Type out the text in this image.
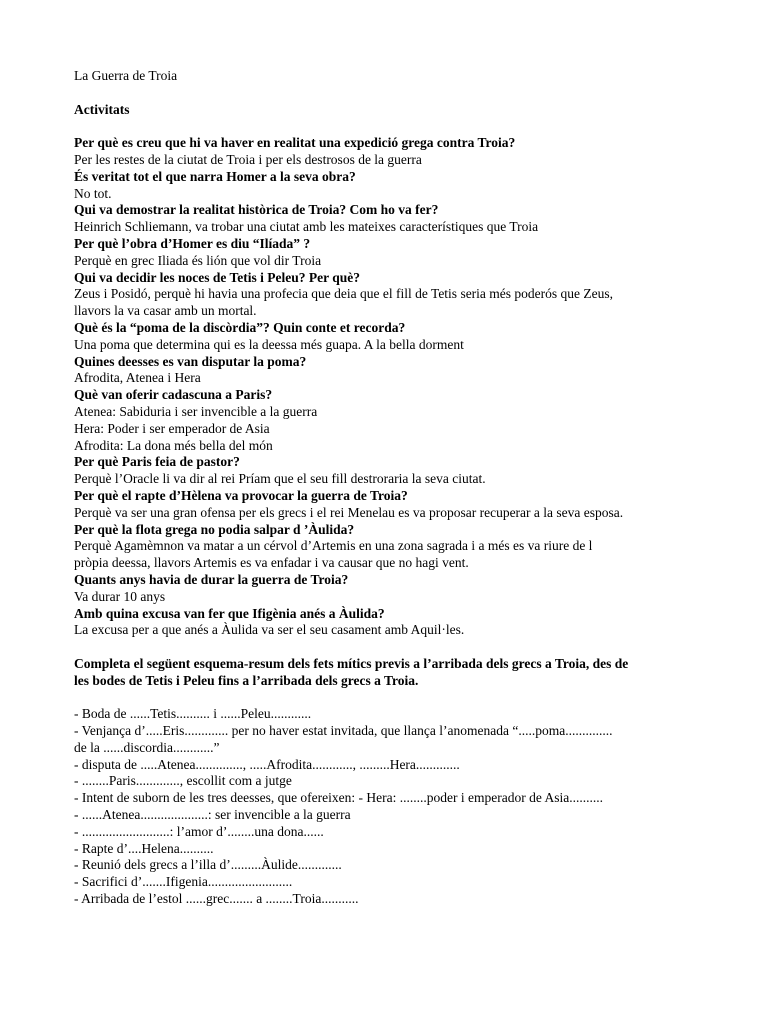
La Guerra de Troia
Activitats
Per què es creu que hi va haver en realitat una expedició grega contra Troia?
Per les restes de la ciutat de Troia i per els destrosos de la guerra
És veritat tot el que narra Homer a la seva obra?
No tot.
Qui va demostrar la realitat històrica de Troia? Com ho va fer?
Heinrich Schliemann, va trobar una ciutat amb les mateixes característiques que Troia
Per què l’obra d’Homer es diu “Ilíada” ?
Perquè en grec Iliada és lión que vol dir Troia
Qui va decidir les noces de Tetis i Peleu? Per què?
Zeus i Posidó, perquè hi havia una profecia que deia que el fill de Tetis seria més poderós que Zeus,
llavors la va casar amb un mortal.
Què és la “poma de la discòrdia”? Quin conte et recorda?
Una poma que determina qui es la deessa més guapa. A la bella dorment
Quines deesses es van disputar la poma?
Afrodita, Atenea i Hera
Què van oferir cadascuna a Paris?
Atenea: Sabiduria i ser invencible a la guerra
Hera: Poder i ser emperador de Asia
Afrodita: La dona més bella del món
Per què Paris feia de pastor?
Perquè l’Oracle li va dir al rei Príam que el seu fill destroraria la seva ciutat.
Per què el rapte d’Hèlena va provocar la guerra de Troia?
Perquè va ser una gran ofensa per els grecs i el rei Menelau es va proposar recuperar a la seva esposa.
Per què la flota grega no podia salpar d ’Àulida?
Perquè Agamèmnon va matar a un cérvol d’Artemis en una zona sagrada i a més es va riure de l
pròpia deessa, llavors Artemis es va enfadar i va causar que no hagi vent.
Quants anys havia de durar la guerra de Troia?
Va durar 10 anys
Amb quina excusa van fer que Ifigènia anés a Àulida?
La excusa per a que anés a Àulida va ser el seu casament amb Aquil·les.
Completa el següent esquema-resum dels fets mítics previs a l’arribada dels grecs a Troia, des de
les bodes de Tetis i Peleu fins a l’arribada dels grecs a Troia.
- Boda de ......Tetis.......... i ......Peleu............
- Venjança d’.....Eris............. per no haver estat invitada, que llança l’anomenada “.....poma..............
de la ......discordia............”
- disputa de .....Atenea.............., .....Afrodita............, .........Hera.............
- ........Paris............., escollit com a jutge
- Intent de suborn de les tres deesses, que ofereixen: - Hera: ........poder i emperador de Asia..........
- ......Atenea....................: ser invencible a la guerra
- ..........................: l’amor d’........una dona......
- Rapte d’....Helena..........
- Reunió dels grecs a l’illa d’.........Àulide.............
- Sacrifici d’.......Ifigenia.........................
- Arribada de l’estol ......grec....... a ........Troia...........
